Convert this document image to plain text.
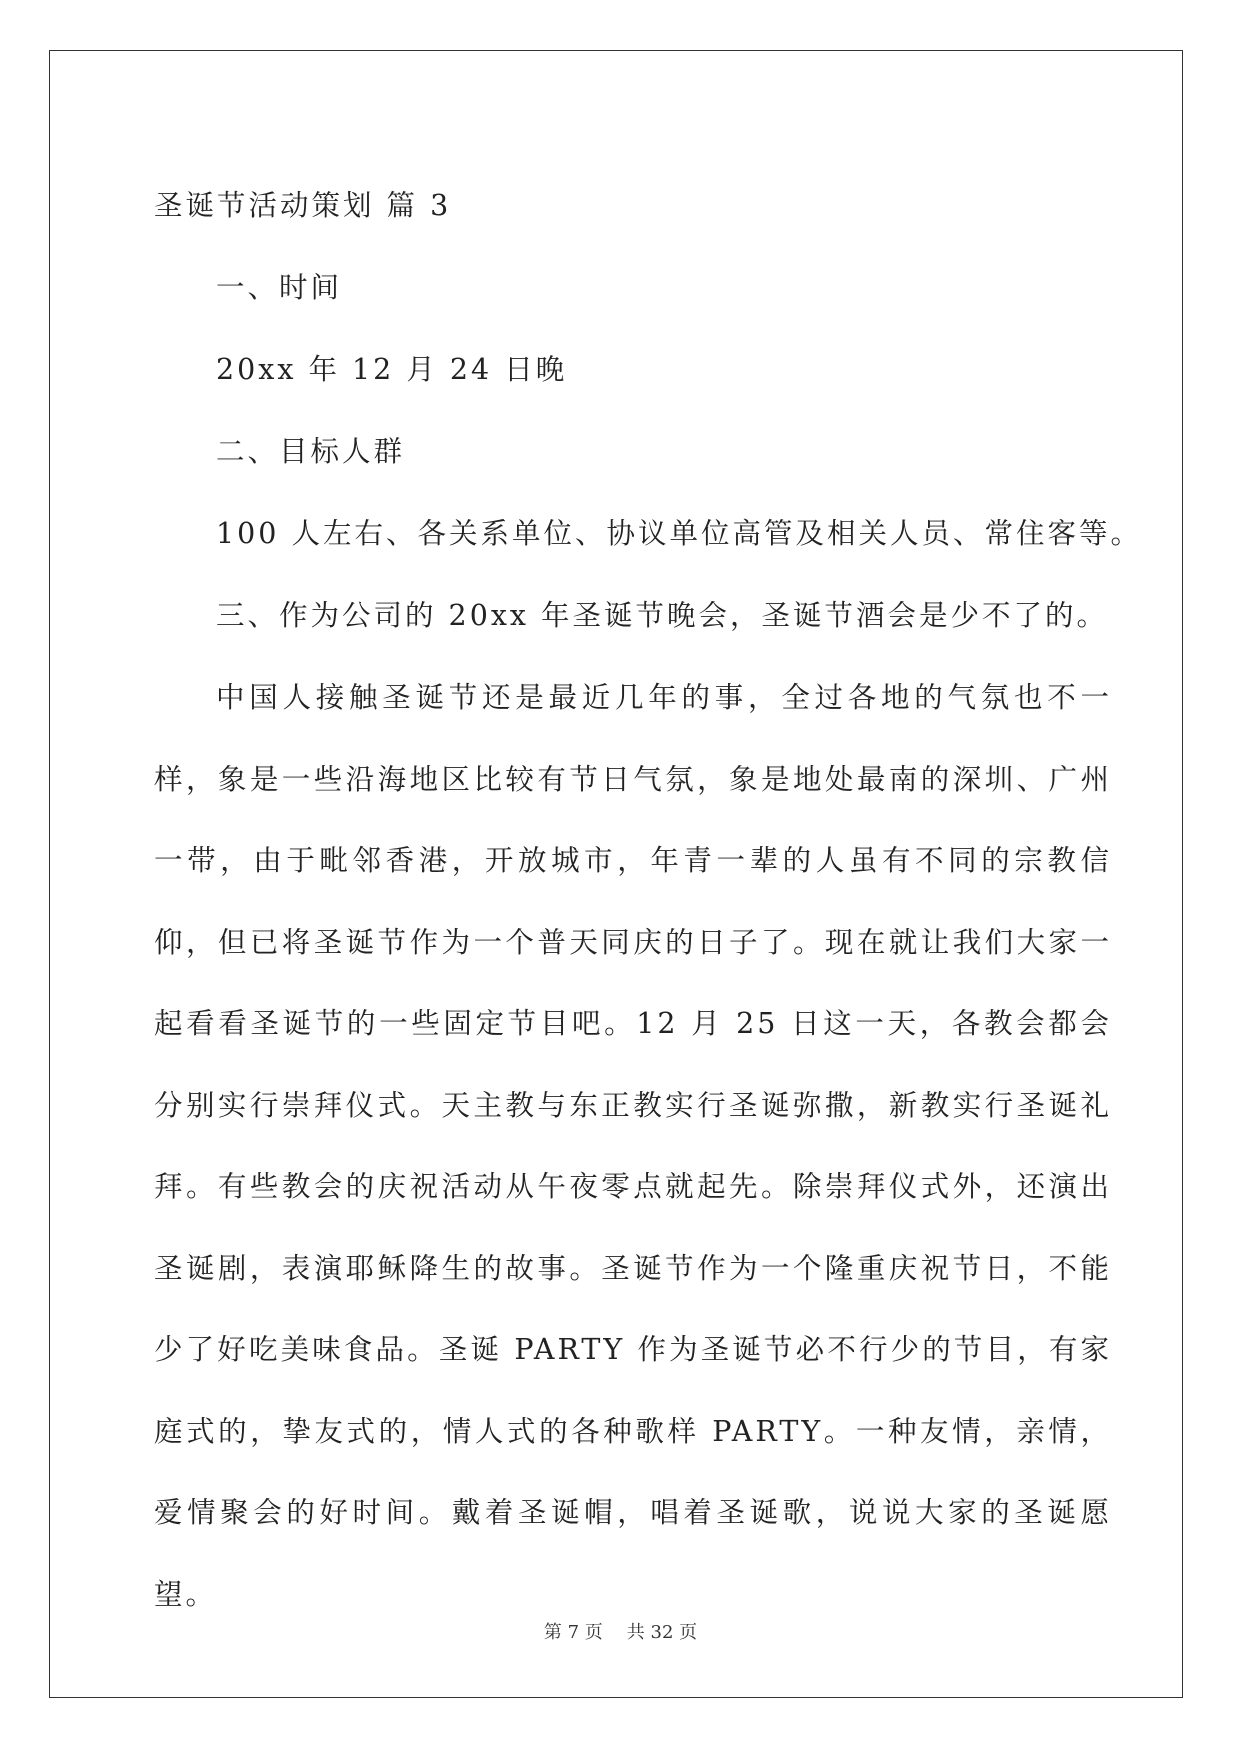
圣诞节活动策划 篇 3
一、时间
20xx 年 12 月 24 日晚
二、目标人群
100 人左右、各关系单位、协议单位高管及相关人员、常住客等。
三、作为公司的 20xx 年圣诞节晚会，圣诞节酒会是少不了的。

中国人接触圣诞节还是最近几年的事，全过各地的气氛也不一样，象是一些沿海地区比较有节日气氛，象是地处最南的深圳、广州一带，由于毗邻香港，开放城市，年青一辈的人虽有不同的宗教信仰，但已将圣诞节作为一个普天同庆的日子了。现在就让我们大家一起看看圣诞节的一些固定节目吧。12 月 25 日这一天，各教会都会分别实行崇拜仪式。天主教与东正教实行圣诞弥撒，新教实行圣诞礼拜。有些教会的庆祝活动从午夜零点就起先。除崇拜仪式外，还演出圣诞剧，表演耶稣降生的故事。圣诞节作为一个隆重庆祝节日，不能少了好吃美味食品。圣诞 PARTY 作为圣诞节必不行少的节目，有家庭式的，挚友式的，情人式的各种歌样 PARTY。一种友情，亲情，爱情聚会的好时间。戴着圣诞帽，唱着圣诞歌，说说大家的圣诞愿望。

第 7 页 共 32 页
